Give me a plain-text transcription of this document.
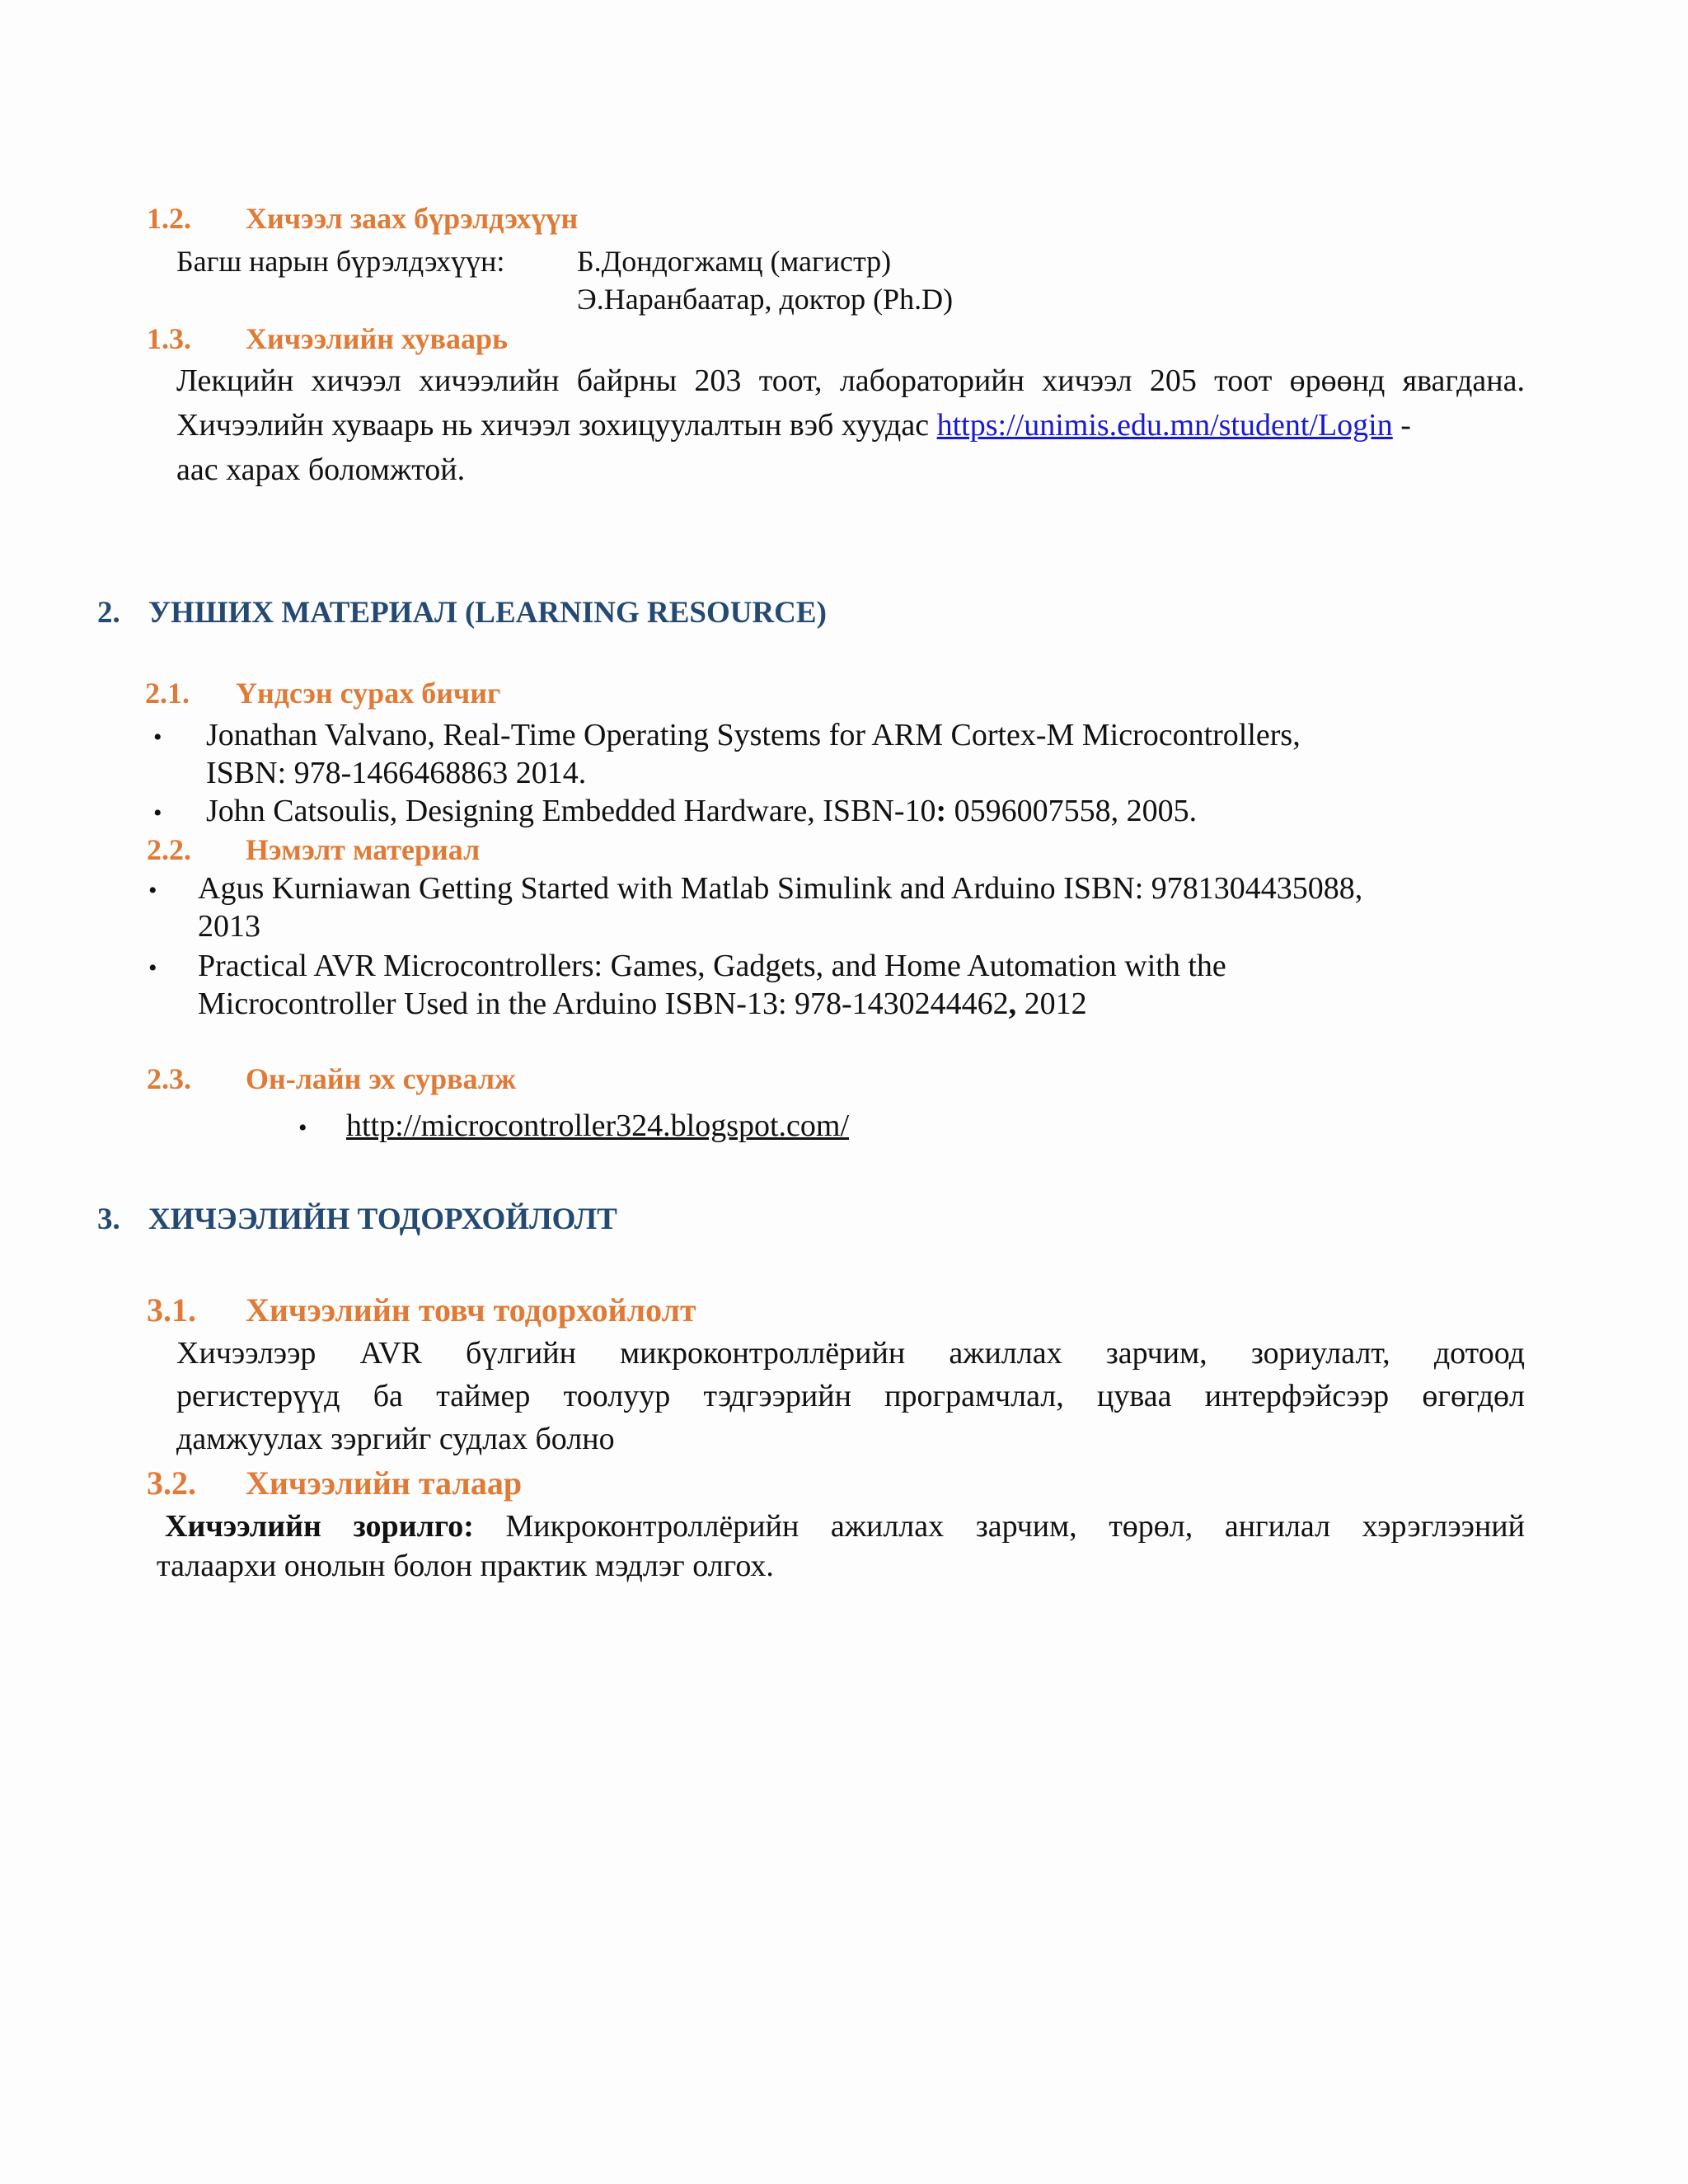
1.2. Хичээл заах бүрэлдэхүүн
Багш нарын бүрэлдэхүүн: Б.Дондогжамц (магистр)
Э.Наранбаатар, доктор (Ph.D)
1.3. Хичээлийн хуваарь
Лекцийн хичээл хичээлийн байрны 203 тоот, лабораторийн хичээл 205 тоот өрөөнд явагдана.
Хичээлийн хуваарь нь хичээл зохицуулалтын вэб хуудас https://unimis.edu.mn/student/Login -
аас харах боломжтой.
2. УНШИХ МАТЕРИАЛ (LEARNING RESOURCE)
2.1. Үндсэн сурах бичиг
• Jonathan Valvano, Real-Time Operating Systems for ARM Cortex-M Microcontrollers,
ISBN: 978-1466468863 2014.
• John Catsoulis, Designing Embedded Hardware, ISBN-10: 0596007558, 2005.
2.2. Нэмэлт материал
• Agus Kurniawan Getting Started with Matlab Simulink and Arduino ISBN: 9781304435088,
2013
• Practical AVR Microcontrollers: Games, Gadgets, and Home Automation with the
Microcontroller Used in the Arduino ISBN-13: 978-1430244462, 2012
2.3. Он-лайн эх сурвалж
• http://microcontroller324.blogspot.com/
3. ХИЧЭЭЛИЙН ТОДОРХОЙЛОЛТ
3.1. Хичээлийн товч тодорхойлолт
Хичээлээр AVR бүлгийн микроконтроллёрийн ажиллах зарчим, зориулалт, дотоод
регистерүүд ба таймер тоолуур тэдгээрийн програмчлал, цуваа интерфэйсээр өгөгдөл
дамжуулах зэргийг судлах болно
3.2. Хичээлийн талаар
Хичээлийн зорилго: Микроконтроллёрийн ажиллах зарчим, төрөл, ангилал хэрэглээний
талаархи онолын болон практик мэдлэг олгох.
